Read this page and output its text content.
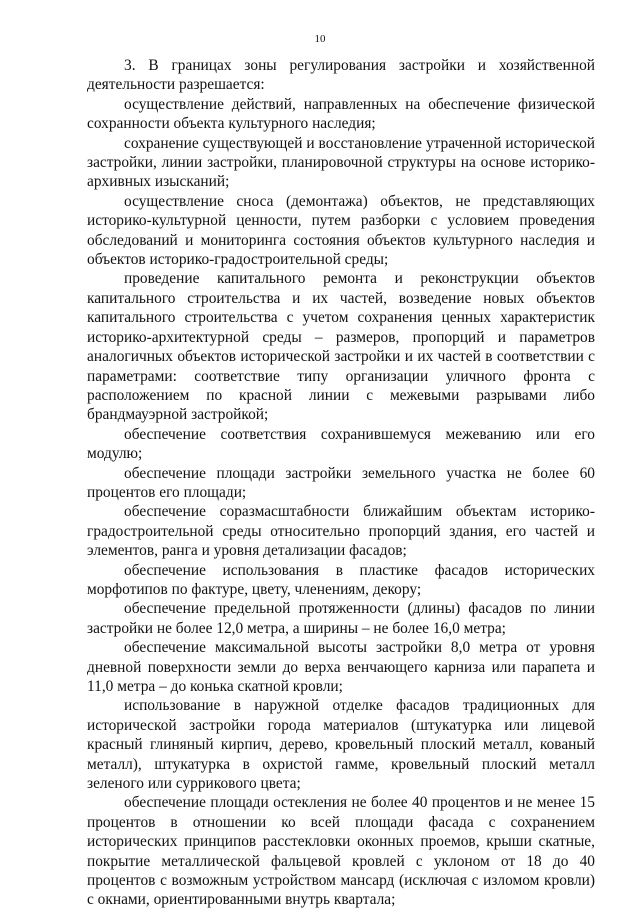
10

3. В границах зоны регулирования застройки и хозяйственной деятельности разрешается:

осуществление действий, направленных на обеспечение физической сохранности объекта культурного наследия;

сохранение существующей и восстановление утраченной исторической застройки, линии застройки, планировочной структуры на основе историко-архивных изысканий;

осуществление сноса (демонтажа) объектов, не представляющих историко-культурной ценности, путем разборки с условием проведения обследований и мониторинга состояния объектов культурного наследия и объектов историко-градостроительной среды;

проведение капитального ремонта и реконструкции объектов капитального строительства и их частей, возведение новых объектов капитального строительства с учетом сохранения ценных характеристик историко-архитектурной среды – размеров, пропорций и параметров аналогичных объектов исторической застройки и их частей в соответствии с параметрами: соответствие типу организации уличного фронта с расположением по красной линии с межевыми разрывами либо брандмауэрной застройкой;

обеспечение соответствия сохранившемуся межеванию или его модулю;

обеспечение площади застройки земельного участка не более 60 процентов его площади;

обеспечение соразмасштабности ближайшим объектам историко-градостроительной среды относительно пропорций здания, его частей и элементов, ранга и уровня детализации фасадов;

обеспечение использования в пластике фасадов исторических морфотипов по фактуре, цвету, членениям, декору;

обеспечение предельной протяженности (длины) фасадов по линии застройки не более 12,0 метра, а ширины – не более 16,0 метра;

обеспечение максимальной высоты застройки 8,0 метра от уровня дневной поверхности земли до верха венчающего карниза или парапета и 11,0 метра – до конька скатной кровли;

использование в наружной отделке фасадов традиционных для исторической застройки города материалов (штукатурка или лицевой красный глиняный кирпич, дерево, кровельный плоский металл, кованый металл), штукатурка в охристой гамме, кровельный плоский металл зеленого или суррикового цвета;

обеспечение площади остекления не более 40 процентов и не менее 15 процентов в отношении ко всей площади фасада с сохранением исторических принципов расстекловки оконных проемов, крыши скатные, покрытие металлической фальцевой кровлей с уклоном от 18 до 40 процентов с возможным устройством мансард (исключая с изломом кровли) с окнами, ориентированными внутрь квартала;
